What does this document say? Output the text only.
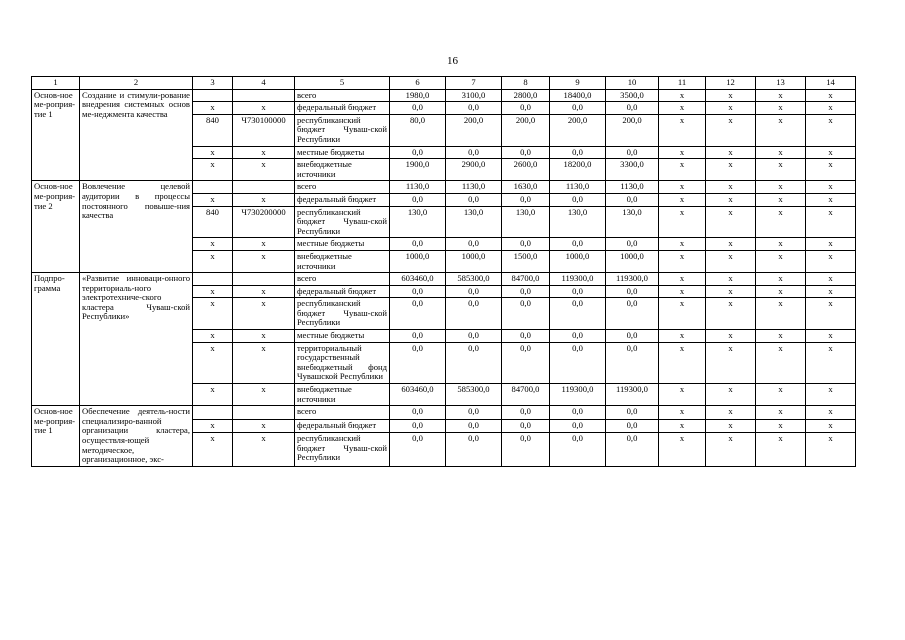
16
1	2	3	4	5	6	7	8	9	10	11	12	13	14
Основ-ное ме-роприя-тие 1	Создание и стимули-рование внедрения системных основ ме-неджмента качества			всего	1980,0	3100,0	2800,0	18400,0	3500,0	x	x	x	x
		x	x	федеральный бюджет	0,0	0,0	0,0	0,0	0,0	x	x	x	x
		840	Ч730100000	республиканский бюджет Чуваш-ской Республики	80,0	200,0	200,0	200,0	200,0	x	x	x	x
		x	x	местные бюджеты	0,0	0,0	0,0	0,0	0,0	x	x	x	x
		x	x	внебюджетные источники	1900,0	2900,0	2600,0	18200,0	3300,0	x	x	x	x
Основ-ное ме-роприя-тие 2	Вовлечение целевой аудитории в процессы постоянного повыше-ния качества			всего	1130,0	1130,0	1630,0	1130,0	1130,0	x	x	x	x
		x	x	федеральный бюджет	0,0	0,0	0,0	0,0	0,0	x	x	x	x
		840	Ч730200000	республиканский бюджет Чуваш-ской Республики	130,0	130,0	130,0	130,0	130,0	x	x	x	x
		x	x	местные бюджеты	0,0	0,0	0,0	0,0	0,0	x	x	x	x
		x	x	внебюджетные источники	1000,0	1000,0	1500,0	1000,0	1000,0	x	x	x	x
Подпро-грамма	«Развитие инноваци-онного территориаль-ного электротехниче-ского кластера Чуваш-ской Республики»			всего	603460,0	585300,0	84700,0	119300,0	119300,0	x	x	x	x
		x	x	федеральный бюджет	0,0	0,0	0,0	0,0	0,0	x	x	x	x
		x	x	республиканский бюджет Чуваш-ской Республики	0,0	0,0	0,0	0,0	0,0	x	x	x	x
		x	x	местные бюджеты	0,0	0,0	0,0	0,0	0,0	x	x	x	x
		x	x	территориальный государственный внебюджетный фонд Чувашской Республики	0,0	0,0	0,0	0,0	0,0	x	x	x	x
		x	x	внебюджетные источники	603460,0	585300,0	84700,0	119300,0	119300,0	x	x	x	x
Основ-ное ме-роприя-тие 1	Обеспечение деятель-ности специализиро-ванной организации кластера, осуществля-ющей методическое, организационное, экс-			всего	0,0	0,0	0,0	0,0	0,0	x	x	x	x
		x	x	федеральный бюджет	0,0	0,0	0,0	0,0	0,0	x	x	x	x
		x	x	республиканский бюджет Чуваш-ской Республики	0,0	0,0	0,0	0,0	0,0	x	x	x	x
